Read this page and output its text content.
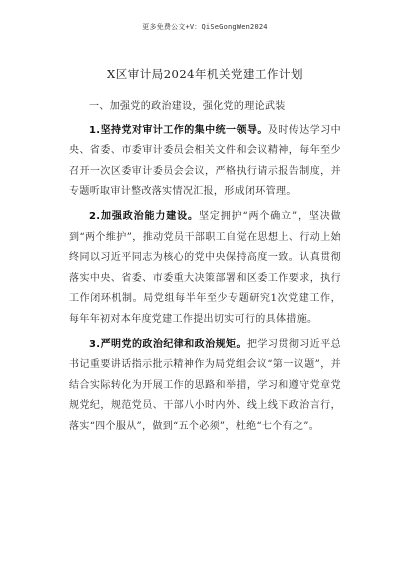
更多免费公文+V：QiSeGongWen2024
X区审计局2024年机关党建工作计划

一、加强党的政治建设，强化党的理论武装

1.坚持党对审计工作的集中统一领导。及时传达学习中央、省委、市委审计委员会相关文件和会议精神，每年至少召开一次区委审计委员会会议，严格执行请示报告制度，并专题听取审计整改落实情况汇报，形成闭环管理。

2.加强政治能力建设。坚定拥护“两个确立”，坚决做到“两个维护”，推动党员干部职工自觉在思想上、行动上始终同以习近平同志为核心的党中央保持高度一致。认真贯彻落实中央、省委、市委重大决策部署和区委工作要求，执行工作闭环机制。局党组每半年至少专题研究1次党建工作，每年年初对本年度党建工作提出切实可行的具体措施。

3.严明党的政治纪律和政治规矩。把学习贯彻习近平总书记重要讲话指示批示精神作为局党组会议“第一议题”，并结合实际转化为开展工作的思路和举措，学习和遵守党章党规党纪，规范党员、干部八小时内外、线上线下政治言行，落实“四个服从”，做到“五个必须”，杜绝“七个有之”。
